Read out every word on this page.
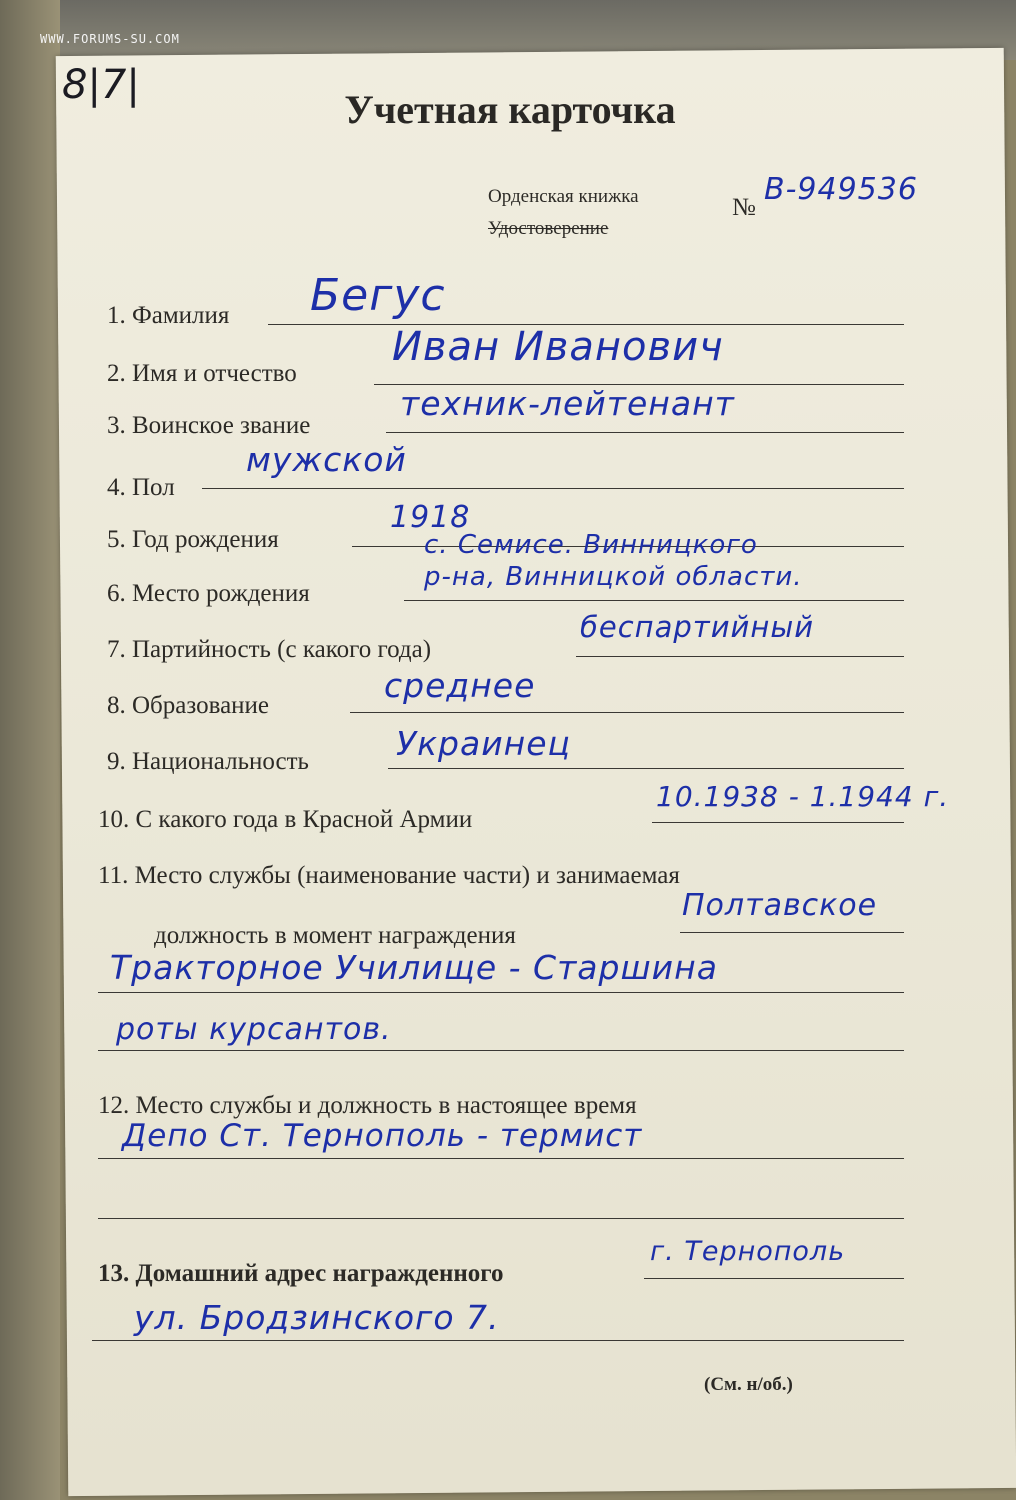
WWW.FORUMS-SU.COM
8|7|
Учетная карточка
Орденская книжка
Удостоверение
№
В-949536
1. Фамилия Бегус
2. Имя и отчество
Иван Иванович
3. Воинское звание
техник-лейтенант
4. Пол
мужской
5. Год рождения
1918
6. Место рождения
с. Семисе. Винницкого
р-на, Винницкой области.
7. Партийность (с какого года)
беспартийный
8. Образование
среднее
9. Национальность	Украинец
10. С какого года в Красной Армии
10.1938 - 1.1944 г.
11. Место службы (наименование части) и занимаемая
должность в момент награждения
Полтавское
Тракторное Училище - Старшина
роты курсантов.
12. Место службы и должность в настоящее время
Депо Ст. Тернополь - термист
13. Домашний адрес награжденного
г. Тернополь
ул. Бродзинского 7.
(См. н/об.)
